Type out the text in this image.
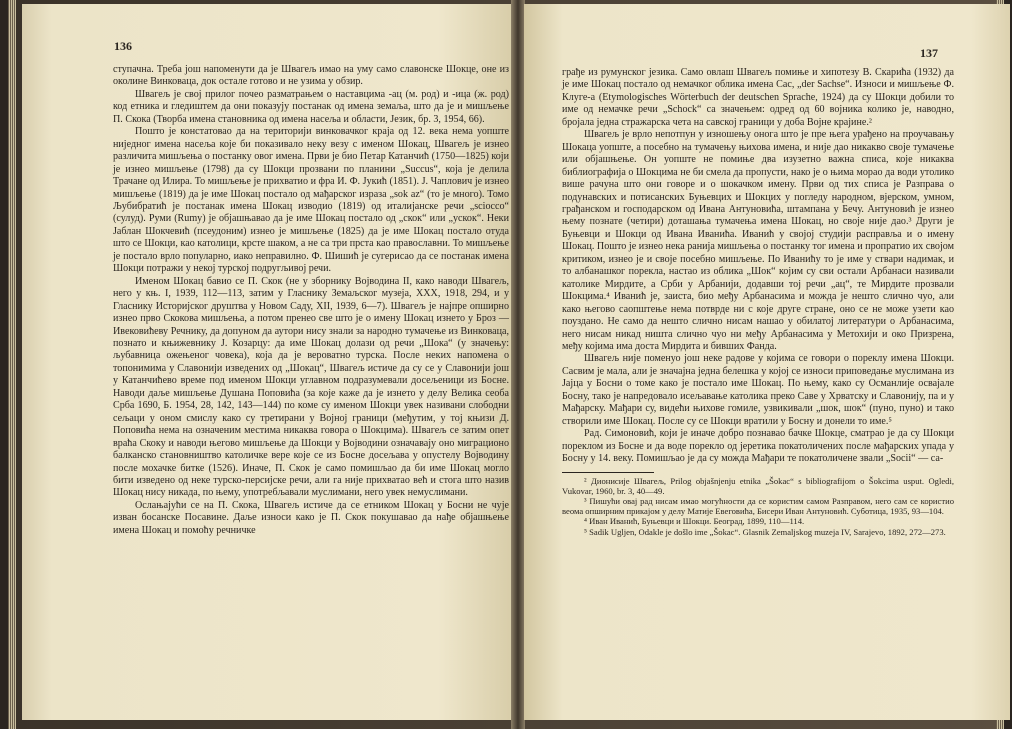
136

ступачна. Треба још напоменути да је Швагељ имао на уму само славонске Шокце, оне из околине Винковаца, док остале готово и не узима у обзир.

Швагељ је свој прилог почео разматрањем о наставцима -ац (м. род) и -ица (ж. род) код етника и гледиштем да они показују постанак од имена земаља, што да је и мишљење П. Скока (Творба имена становника од имена насеља и области, Језик, бр. 3, 1954, 66).

Пошто је констатовао да на територији винковачког краја од 12. века нема уопште ниједног имена насеља које би показивало неку везу с именом Шокац, Швагељ је изнео различита мишљења о постанку овог имена. Први је био Петар Катанчић (1750—1825) који је изнео мишљење (1798) да су Шокци прозвани по планини „Succus“, која је делила Трачане од Илира. То мишљење је прихватио и фра И. Ф. Јукић (1851). Ј. Чаплович је изнео мишљење (1819) да је име Шокац постало од мађарског израза „sok az“ (то је много). Томо Љубибратић је постанак имена Шокац изводио (1819) од италијанске речи „sciocco“ (сулуд). Руми (Rumy) је објашњавао да је име Шокац постало од „скок“ или „ускок“. Неки Јаблан Шокчевић (псеудоним) изнео је мишљење (1825) да је име Шокац постало отуда што се Шокци, као католици, крсте шаком, а не са три прста као православни. То мишљење је постало врло популарно, иако неправилно. Ф. Шишић је сугерисао да се постанак имена Шокци потражи у некој турској подругљивој речи.

Именом Шокац бавио се П. Скок (не у зборнику Војводина II, како наводи Швагељ, него у књ. I, 1939, 112—113, затим у Гласнику Земаљског музеја, XXX, 1918, 294, и у Гласнику Историјског друштва у Новом Саду, XII, 1939, 6—7). Швагељ је најпре опширно изнео прво Скокова мишљења, а потом пренео све што је о имену Шокац изнето у Броз — Ивековићеву Речнику, да допуном да аутори нису знали за народно тумачење из Винковаца, познато и књижевнику Ј. Козарцу: да име Шокац долази од речи „Шока“ (у значењу: љубавница ожењеног човека), која да је вероватно турска. После неких напомена о топонимима у Славонији изведених од „Шокац“, Швагељ истиче да су се у Славонији још у Катанчићево време под именом Шокци углавном подразумевали досељеници из Босне. Наводи даље мишљење Душана Поповића (за које каже да је изнето у делу Велика сеоба Срба 1690, Б. 1954, 28, 142, 143—144) по коме су именом Шокци увек називани слободни сељаци у оном смислу како су третирани у Војној граници (међутим, у тој књизи Д. Поповића нема на означеним местима никаква говора о Шокцима). Швагељ се затим опет враћа Скоку и наводи његово мишљење да Шокци у Војводини означавају оно миграционо балканско становништво католичке вере које се из Босне досељава у опустелу Војводину после мохачке битке (1526). Иначе, П. Скок је само помишљао да би име Шокац могло бити изведено од неке турско-персијске речи, али га није прихватао већ и стога што назив Шокац нису никада, по њему, употребљавали муслимани, него увек немуслимани.

Ослањајући се на П. Скока, Швагељ истиче да се етником Шокац у Босни не чује изван босанске Посавине. Даље износи како је П. Скок покушавао да нађе објашњење имена Шокац и помоћу речничке

137

грађе из румунског језика. Само овлаш Швагељ помиње и хипотезу В. Скарића (1932) да је име Шокац постало од немачког облика имена Сас, „der Sachse“. Износи и мишљење Ф. Клуге-а (Etymologisches Wörterbuch der deutschen Sprache, 1924) да су Шокци добили то име од немачке речи „Schock“ са значењем: одред од 60 војника колико је, наводно, бројала једна стражарска чета на савској граници у доба Војне крајине.²

Швагељ је врло непотпун у изношењу онога што је пре њега урађено на проучавању Шокаца уопште, а посебно на тумачењу њихова имена, и није дао никакво своје тумачење или објашњење. Он уопште не помиње два изузетно важна списа, које никаква библиографија о Шокцима не би смела да пропусти, нако је о њима морао да води утолико више рачуна што они говоре и о шокачком имену. Први од тих списа је Разправа о подунавских и потисанских Буњевцих и Шокцих у погледу народном, вјерском, умном, грађанском и господарском од Ивана Антуновића, штампана у Бечу. Антуновић је изнео њему познате (четири) доташања тумачења имена Шокац, но своје није дао.³ Други је Буњевци и Шокци од Ивана Иванића. Иванић у својој студији расправља и о имену Шокац. Пошто је изнео нека ранија мишљења о постанку тог имена и пропратио их својом критиком, изнео је и своје посебно мишљење. По Иванићу то је име у ствари надимак, и то албанашког порекла, настао из облика „Шок“ којим су сви остали Арбанаси називали католике Мирдите, а Срби у Арбанији, додавши тој речи „ац“, те Мирдите прозвали Шокцима.⁴ Иванић је, заиста, био међу Арбанасима и можда је нешто слично чуо, али како његово саопштење нема потврде ни с које друге стране, оно се не може узети као поуздано. Не само да нешто слично нисам нашао у обилатој литератури о Арбанасима, него нисам никад ништа слично чуо ни међу Арбанасима у Метохији и око Призрена, међу којима има доста Мирдита и бивших Фанда.

Швагељ није поменуо још неке радове у којима се говори о пореклу имена Шокци. Сасвим је мала, али је значајна једна белешка у којој се износи приповедање муслимана из Јајца у Босни о томе како је постало име Шокац. По њему, како су Османлије освајале Босну, тако је напредовало исељавање католика преко Саве у Хрватску и Славонију, па и у Мађарску. Мађари су, видећи њихове гомиле, узвикивали „шок, шок“ (пуно, пуно) и тако створили име Шокац. После су се Шокци вратили у Босну и донели то име.⁵

Рад. Симоновић, који је иначе добро познавао бачке Шокце, сматрао је да су Шокци пореклом из Босне и да воде порекло од јеретика покатоличених после мађарских упада у Босну у 14. веку. Помишљао је да су можда Мађари те покатоличене звали „Socii“ — са-

² Дионисије Швагељ, Prilog objašnjenju etnika „Šokac“ s bibliografijom o Šokcima usput. Ogledi, Vukovar, 1960, br. 3, 40—49.

³ Пишући овај рад нисам имао могућности да се користим самом Разправом, него сам се користио веома опширним прикајом у делу Матије Евеговића, Бисери Иван Антуновић. Суботица, 1935, 93—104.

⁴ Иван Иванић, Буњевци и Шокци. Београд, 1899, 110—114.

⁵ Sadik Uglјen, Odakle je došlo ime „Šokac“. Glasnik Zemaljskog muzeja IV, Sarajevo, 1892, 272—273.
